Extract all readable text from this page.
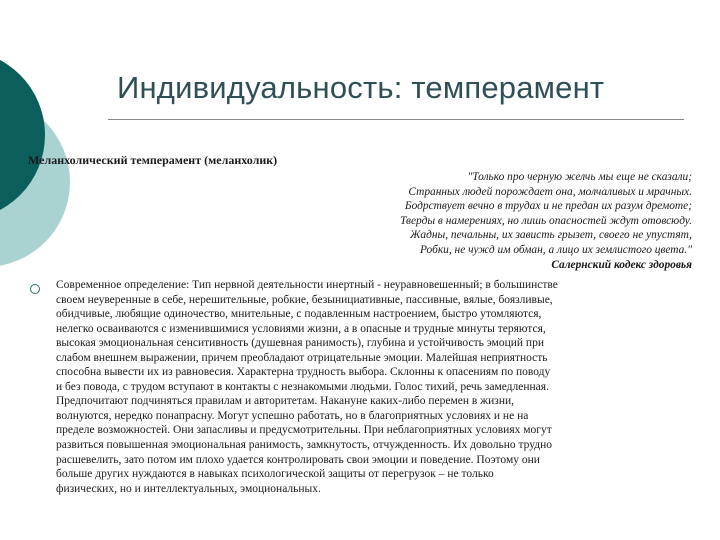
Индивидуальность: темперамент
Меланхолический темперамент (меланхолик)
"Только про черную желчь мы еще не сказали;
Странных людей порождает она, молчаливых и мрачных.
Бодрствует вечно в трудах и не предан их разум дремоте;
Тверды в намерениях, но лишь опасностей ждут отовсюду.
Жадны, печальны, их зависть грызет, своего не упустят,
Робки, не чужд им обман, а лицо их землистого цвета."
Салернский кодекс здоровья
Современное определение: Тип нервной деятельности инертный - неуравновешенный; в большинстве
своем неуверенные в себе, нерешительные, робкие, безынициативные, пассивные, вялые, боязливые,
обидчивые, любящие одиночество, мнительные, с подавленным настроением, быстро утомляются,
нелегко осваиваются с изменившимися условиями жизни, а в опасные и трудные минуты теряются,
высокая эмоциональная сенситивность (душевная ранимость), глубина и устойчивость эмоций при
слабом внешнем выражении, причем преобладают отрицательные эмоции. Малейшая неприятность
способна вывести их из равновесия. Характерна трудность выбора. Склонны к опасениям по поводу
и без повода, с трудом вступают в контакты с незнакомыми людьми. Голос тихий, речь замедленная.
Предпочитают подчиняться правилам и авторитетам. Накануне каких-либо перемен в жизни,
волнуются, нередко понапрасну. Могут успешно работать, но в благоприятных условиях и не на
пределе возможностей. Они запасливы и предусмотрительны. При неблагоприятных условиях могут
развиться повышенная эмоциональная ранимость, замкнутость, отчужденность. Их довольно трудно
расшевелить, зато потом им плохо удается контролировать свои эмоции и поведение. Поэтому они
больше других нуждаются в навыках психологической защиты от перегрузок – не только
физических, но и интеллектуальных, эмоциональных.
